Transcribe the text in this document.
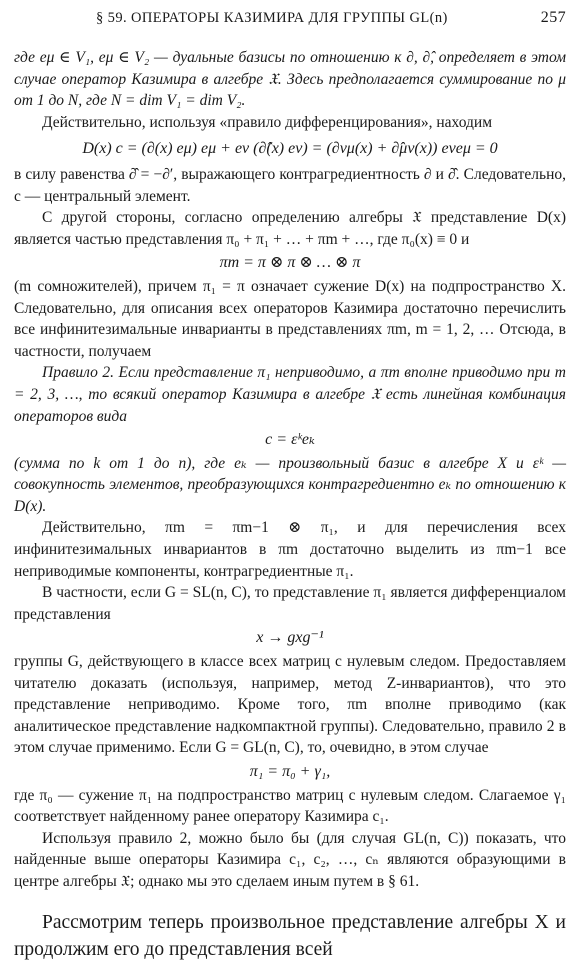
§ 59. ОПЕРАТОРЫ КАЗИМИРА ДЛЯ ГРУППЫ GL(n)	257

где eμ ∈ V₁, eμ ∈ V₂ — дуальные базисы по отношению к ∂, ∂̂, определяет в этом случае оператор Казимира в алгебре 𝔛. Здесь предполагается суммирование по μ от 1 до N, где N = dim V₁ = dim V₂.

Действительно, используя «правило дифференцирования», находим

D(x) c = (∂(x) eμ) eμ + eν (∂̂(x) eν) = (∂νμ(x) + ∂̂μν(x)) eνeμ = 0

в силу равенства ∂̂ = −∂′, выражающего контрагредиентность ∂ и ∂̂. Следовательно, c — центральный элемент.

С другой стороны, согласно определению алгебры 𝔛 представление D(x) является частью представления π₀ + π₁ + … + πm + …, где π₀(x) ≡ 0 и

πm = π ⊗ π ⊗ … ⊗ π

(m сомножителей), причем π₁ = π означает сужение D(x) на подпространство X. Следовательно, для описания всех операторов Казимира достаточно перечислить все инфинитезимальные инварианты в представлениях πm, m = 1, 2, … Отсюда, в частности, получаем

Правило 2. Если представление π₁ неприводимо, а πm вполне приводимо при m = 2, 3, …, то всякий оператор Казимира в алгебре 𝔛 есть линейная комбинация операторов вида

c = εᵏeₖ

(сумма по k от 1 до n), где eₖ — произвольный базис в алгебре X и εᵏ — совокупность элементов, преобразующихся контрагредиентно eₖ по отношению к D(x).

Действительно, πm = πm−1 ⊗ π₁, и для перечисления всех инфинитезимальных инвариантов в πm достаточно выделить из πm−1 все неприводимые компоненты, контрагредиентные π₁.

В частности, если G = SL(n, C), то представление π₁ является дифференциалом представления

x → gxg⁻¹

группы G, действующего в классе всех матриц с нулевым следом. Предоставляем читателю доказать (используя, например, метод Z-инвариантов), что это представление неприводимо. Кроме того, πm вполне приводимо (как аналитическое представление надкомпактной группы). Следовательно, правило 2 в этом случае применимо. Если G = GL(n, C), то, очевидно, в этом случае

π₁ = π₀ + γ₁,

где π₀ — сужение π₁ на подпространство матриц с нулевым следом. Слагаемое γ₁ соответствует найденному ранее оператору Казимира c₁.

Используя правило 2, можно было бы (для случая GL(n, C)) показать, что найденные выше операторы Казимира c₁, c₂, …, cₙ являются образующими в центре алгебры 𝔛; однако мы это сделаем иным путем в § 61.

Рассмотрим теперь произвольное представление алгебры X и продолжим его до представления всей
